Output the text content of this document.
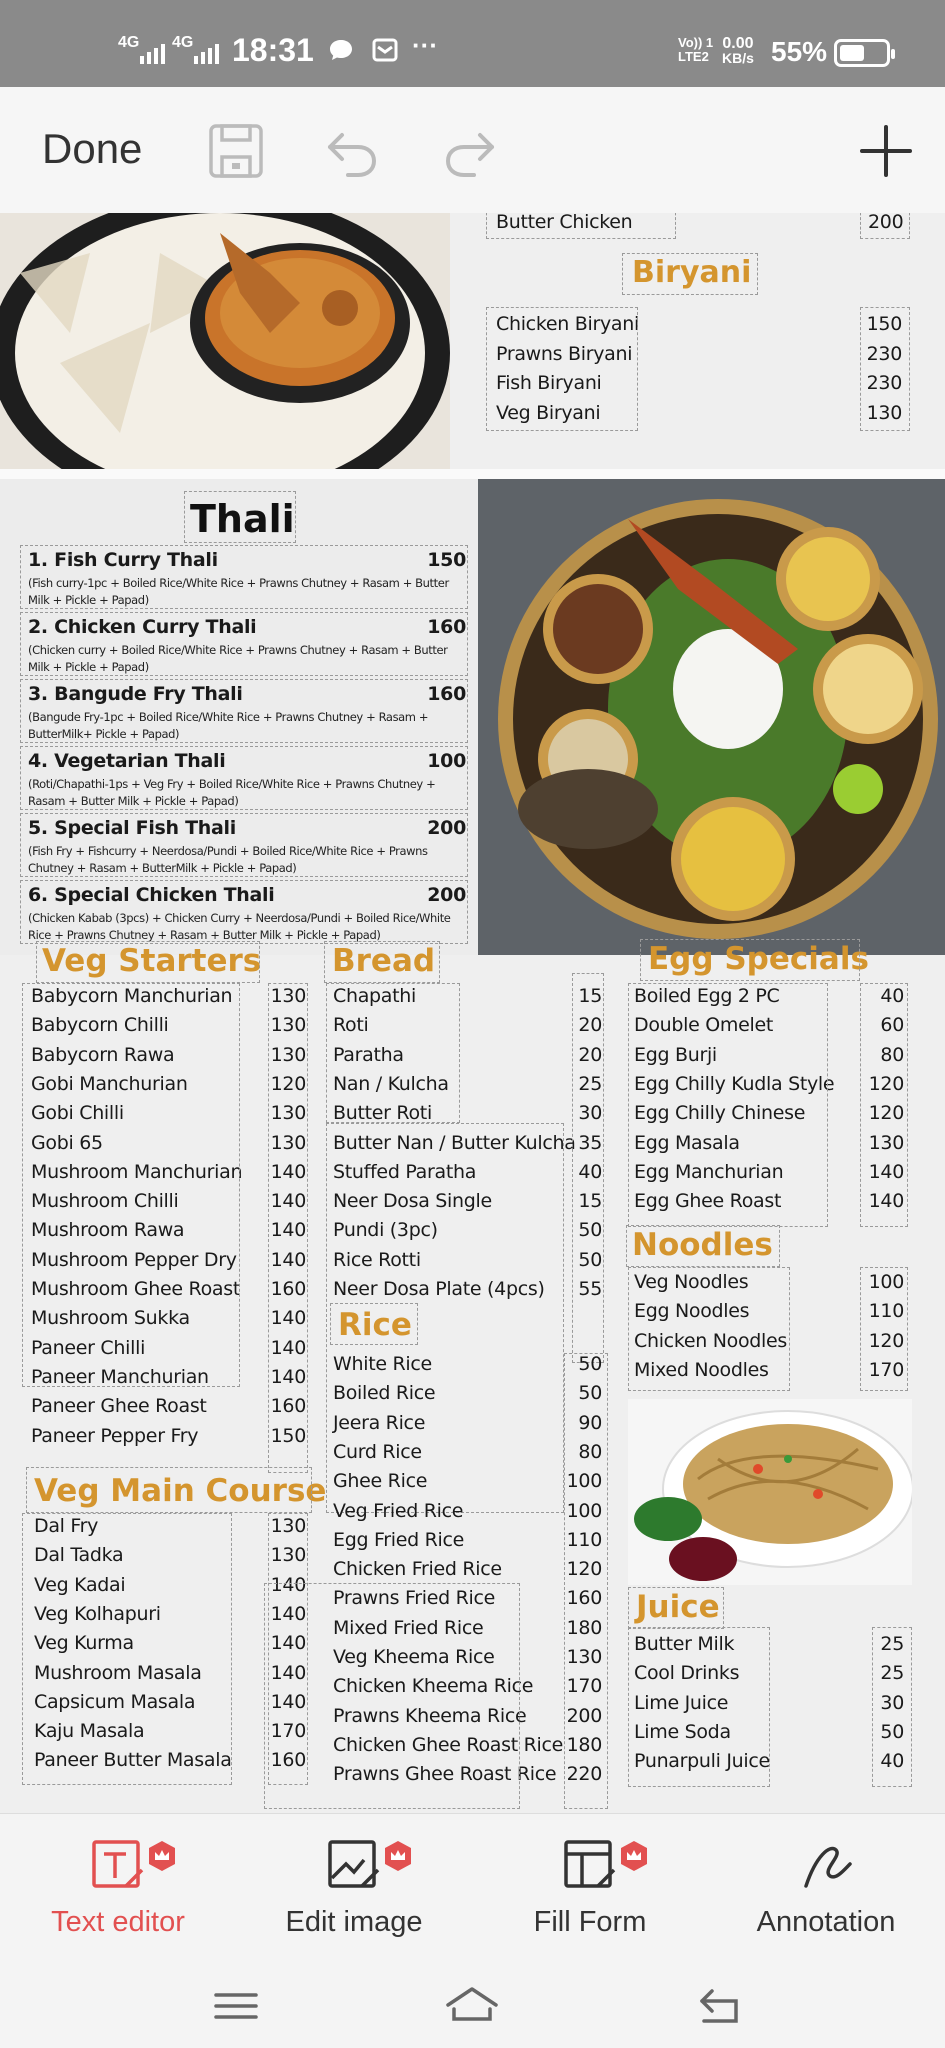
4G 4G 18:31	···	Vo)) 1
LTE2
0.00
KB/s 55%
Done
Butter Chicken	200
Biryani
Chicken Biryani	150
Prawns Biryani	230
Fish Biryani	230
Veg Biryani	130
Thali
1. Fish Curry Thali	150
(Fish curry-1pc + Boiled Rice/White Rice + Prawns Chutney + Rasam + Butter Milk + Pickle + Papad)
2. Chicken Curry Thali	160
(Chicken curry + Boiled Rice/White Rice + Prawns Chutney + Rasam + Butter Milk + Pickle + Papad)
3. Bangude Fry Thali	160
(Bangude Fry-1pc + Boiled Rice/White Rice + Prawns Chutney + Rasam + ButterMilk+ Pickle + Papad)
4. Vegetarian Thali	100
(Roti/Chapathi-1ps + Veg Fry + Boiled Rice/White Rice + Prawns Chutney + Rasam + Butter Milk + Pickle + Papad)
5. Special Fish Thali	200
(Fish Fry + Fishcurry + Neerdosa/Pundi + Boiled Rice/White Rice + Prawns Chutney + Rasam + ButterMilk + Pickle + Papad)
6. Special Chicken Thali	200
(Chicken Kabab (3pcs) + Chicken Curry + Neerdosa/Pundi + Boiled Rice/White Rice + Prawns Chutney + Rasam + Butter Milk + Pickle + Papad)
Veg Starters
Babycorn Manchurian 130
Babycorn Chilli	130
Babycorn Rawa	130
Gobi Manchurian	120
Gobi Chilli	130
Gobi 65	130
Mushroom Manchurian 140
Mushroom Chilli	140
Mushroom Rawa	140
Mushroom Pepper Dry 140
Mushroom Ghee Roast 160
Mushroom Sukka	140
Paneer Chilli	140
Paneer Manchurian	140
Paneer Ghee Roast	160
Paneer Pepper Fry	150
Veg Main Course
Dal Fry	130
Dal Tadka	130
Veg Kadai	140
Veg Kolhapuri	140
Veg Kurma	140
Mushroom Masala	140
Capsicum Masala	140
Kaju Masala	170
Paneer Butter Masala 160
Bread
Chapathi	15
Roti	20
Paratha	20
Nan / Kulcha	25
Butter Roti	30
Butter Nan / Butter Kulcha 35
Stuffed Paratha	40
Neer Dosa Single	15
Pundi (3pc)	50
Rice Rotti	50
Neer Dosa Plate (4pcs) 55
Rice
White Rice	50
Boiled Rice	50
Jeera Rice	90
Curd Rice	80
Ghee Rice	100
Veg Fried Rice	100
Egg Fried Rice	110
Chicken Fried Rice	120
Prawns Fried Rice	160
Mixed Fried Rice	180
Veg Kheema Rice	130
Chicken Kheema Rice 170
Prawns Kheema Rice 200
Chicken Ghee Roast Rice 180
Prawns Ghee Roast Rice 220
Egg Specials
Boiled Egg 2 PC	40
Double Omelet	60
Egg Burji	80
Egg Chilly Kudla Style 120
Egg Chilly Chinese	120
Egg Masala	130
Egg Manchurian	140
Egg Ghee Roast	140
Noodles
Veg Noodles	100
Egg Noodles	110
Chicken Noodles	120
Mixed Noodles	170
Juice
Butter Milk	25
Cool Drinks	25
Lime Juice	30
Lime Soda	50
Punarpuli Juice	40
Text editor	Edit image	Fill Form	Annotation
